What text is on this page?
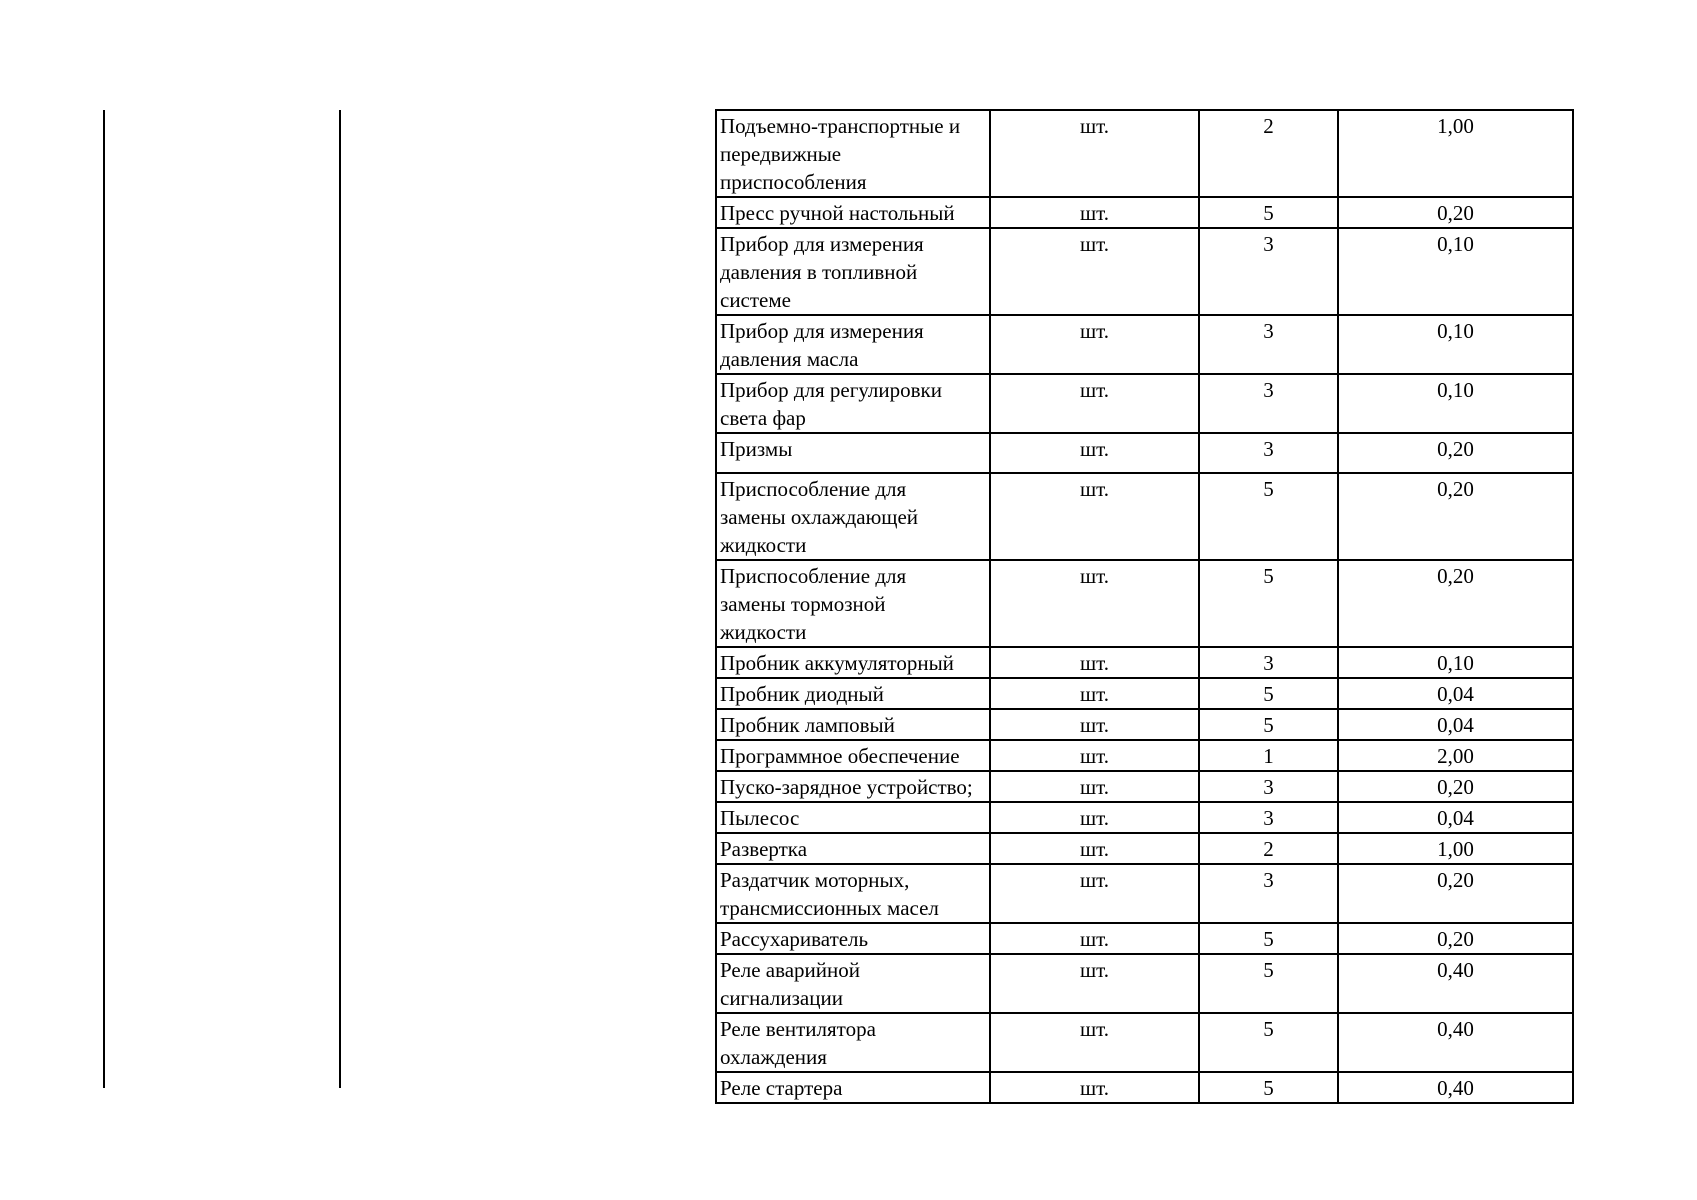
Подъемно-транспортные и
передвижные
приспособления	шт.	2	1,00

Пресс ручной настольный	шт.	5	0,20

Прибор для измерения
давления в топливной
системе	шт.	3	0,10

Прибор для измерения
давления масла	шт.	3	0,10

Прибор для регулировки
света фар	шт.	3	0,10

Призмы	шт.	3	0,20

Приспособление для
замены охлаждающей
жидкости	шт.	5	0,20

Приспособление для
замены тормозной
жидкости	шт.	5	0,20

Пробник аккумуляторный	шт.	3	0,10

Пробник диодный	шт.	5	0,04

Пробник ламповый	шт.	5	0,04

Программное обеспечение	шт.	1	2,00

Пуско-зарядное устройство;	шт.	3	0,20

Пылесос	шт.	3	0,04

Развертка	шт.	2	1,00

Раздатчик моторных,
трансмиссионных масел	шт.	3	0,20

Рассухариватель	шт.	5	0,20

Реле аварийной
сигнализации	шт.	5	0,40

Реле вентилятора
охлаждения	шт.	5	0,40

Реле стартера	шт.	5	0,40
